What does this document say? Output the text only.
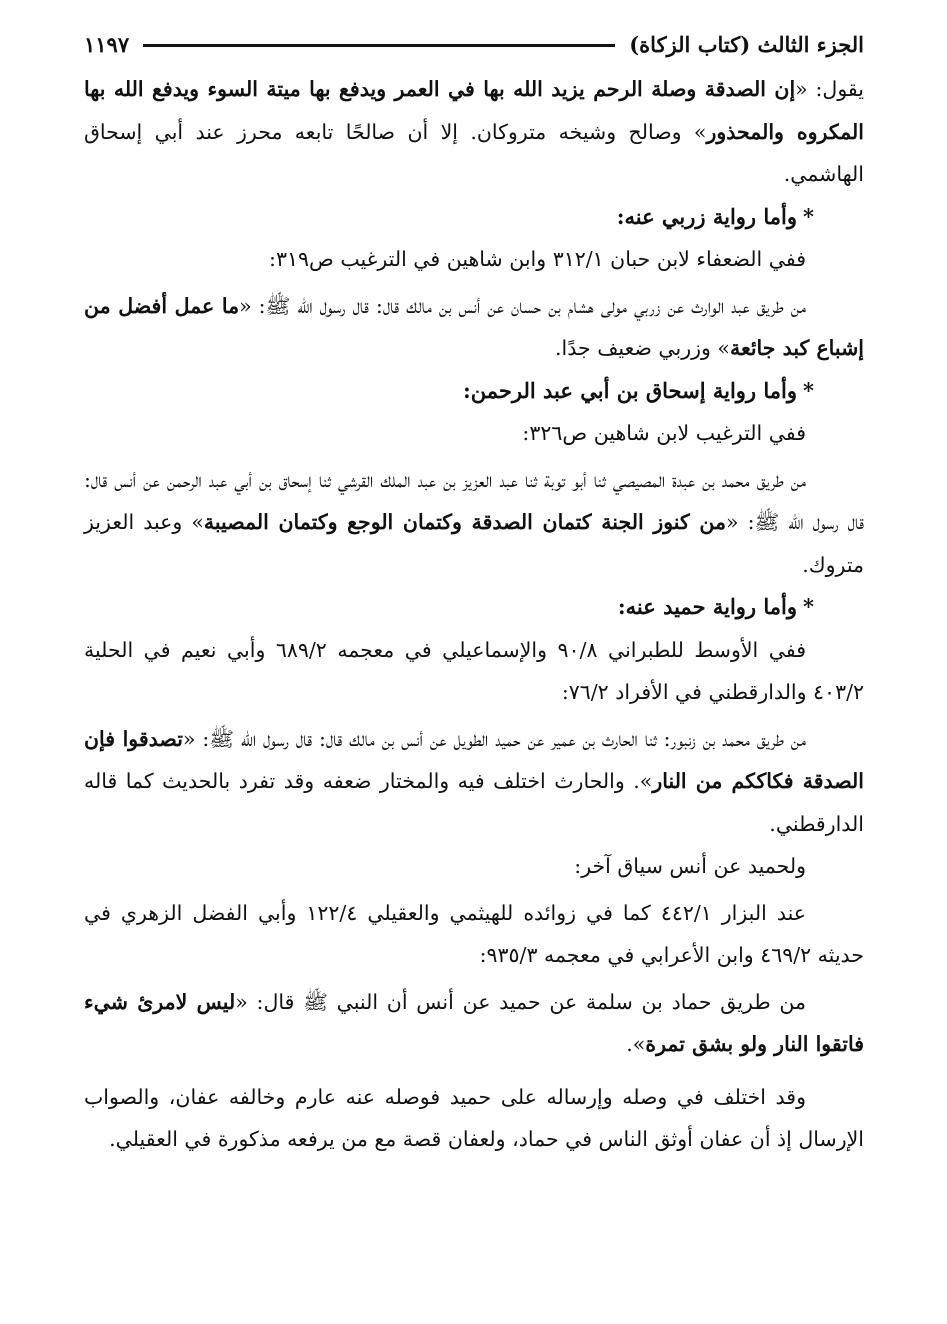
الجزء الثالث (كتاب الزكاة)
١١٩٧

يقول: «إن الصدقة وصلة الرحم يزيد الله بها في العمر ويدفع بها ميتة السوء ويدفع الله بها المكروه والمحذور» وصالح وشيخه متروكان. إلا أن صالحًا تابعه محرز عند أبي إسحاق الهاشمي.

*وأما رواية زربي عنه:

ففي الضعفاء لابن حبان ٣١٢/١ وابن شاهين في الترغيب ص٣١٩:

من طريق عبد الوارث عن زربي مولى هشام بن حسان عن أنس بن مالك قال: قال رسول الله ﷺ: «ما عمل أفضل من إشباع كبد جائعة» وزربي ضعيف جدًا.

*وأما رواية إسحاق بن أبي عبد الرحمن:

ففي الترغيب لابن شاهين ص٣٢٦:

من طريق محمد بن عبدة المصيصي ثنا أبو توبة ثنا عبد العزيز بن عبد الملك القرشي ثنا إسحاق بن أبي عبد الرحمن عن أنس قال: قال رسول الله ﷺ: «من كنوز الجنة كتمان الصدقة وكتمان الوجع وكتمان المصيبة» وعبد العزيز متروك.

*وأما رواية حميد عنه:

ففي الأوسط للطبراني ٩٠/٨ والإسماعيلي في معجمه ٦٨٩/٢ وأبي نعيم في الحلية ٤٠٣/٢ والدارقطني في الأفراد ٧٦/٢:

من طريق محمد بن زنبور: ثنا الحارث بن عمير عن حميد الطويل عن أنس بن مالك قال: قال رسول الله ﷺ: «تصدقوا فإن الصدقة فكاككم من النار». والحارث اختلف فيه والمختار ضعفه وقد تفرد بالحديث كما قاله الدارقطني.

ولحميد عن أنس سياق آخر:

عند البزار ٤٤٢/١ كما في زوائده للهيثمي والعقيلي ١٢٢/٤ وأبي الفضل الزهري في حديثه ٤٦٩/٢ وابن الأعرابي في معجمه ٩٣٥/٣:

من طريق حماد بن سلمة عن حميد عن أنس أن النبي ﷺ قال: «ليس لامرئ شيء فاتقوا النار ولو بشق تمرة».

وقد اختلف في وصله وإرساله على حميد فوصله عنه عارم وخالفه عفان، والصواب الإرسال إذ أن عفان أوثق الناس في حماد، ولعفان قصة مع من يرفعه مذكورة في العقيلي.
